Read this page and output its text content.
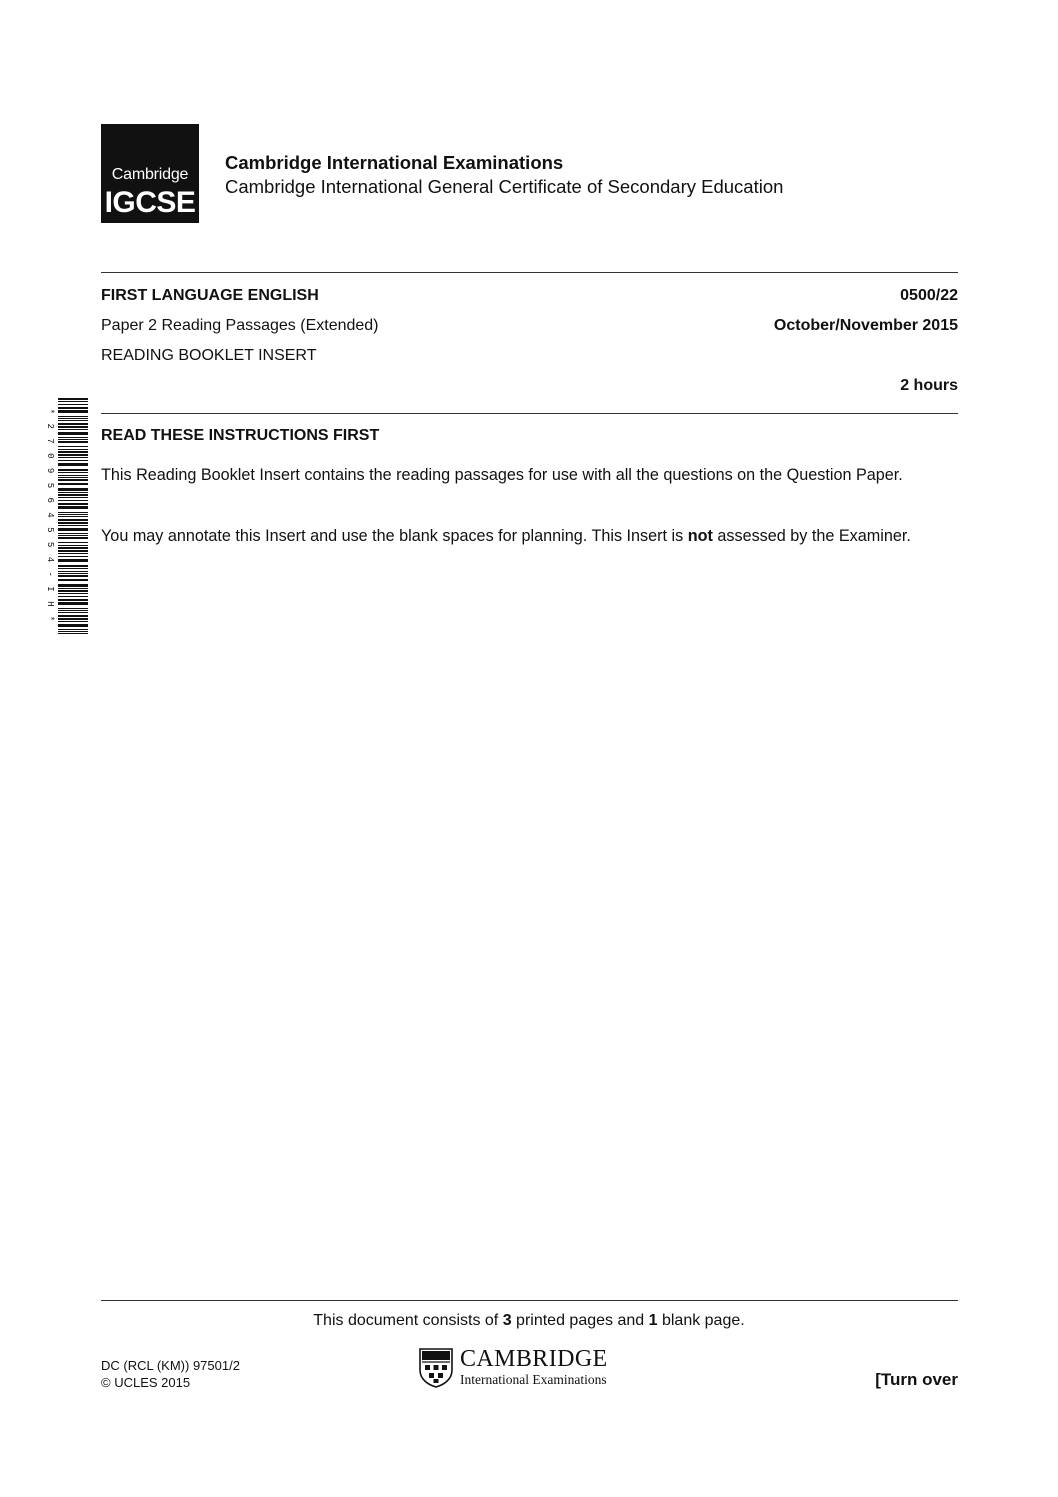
Cambridge
IGCSE
Cambridge International Examinations
Cambridge International General Certificate of Secondary Education
FIRST LANGUAGE ENGLISH	0500/22
Paper 2 Reading Passages (Extended)	October/November 2015
READING BOOKLET INSERT
2 hours
* 2 7 0 9 5 6 4 5 5 4 - I H *	READ THESE INSTRUCTIONS FIRST
This Reading Booklet Insert contains the reading passages for use with all the questions on the Question Paper.
You may annotate this Insert and use the blank spaces for planning. This Insert is not assessed by the Examiner.
This document consists of 3 printed pages and 1 blank page.
DC (RCL (KM)) 97501/2
© UCLES 2015
CAMBRIDGE
International Examinations	[Turn over
